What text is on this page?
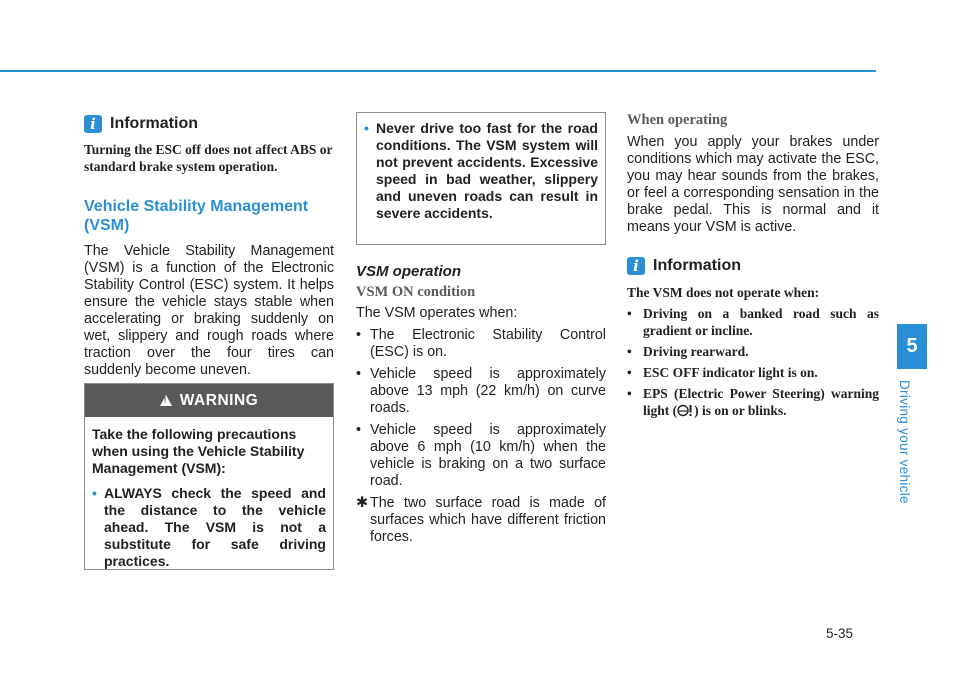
i Information
Turning the ESC off does not affect ABS or standard brake system operation.
Vehicle Stability Management (VSM)
The Vehicle Stability Management (VSM) is a function of the Electronic Stability Control (ESC) system. It helps ensure the vehicle stays stable when accelerating or braking suddenly on wet, slippery and rough roads where traction over the four tires can suddenly become uneven.
!
WARNING
Take the following precautions when using the Vehicle Stability Management (VSM):
• ALWAYS check the speed and the distance to the vehicle ahead. The VSM is not a substitute for safe driving practices.
• Never drive too fast for the road conditions. The VSM system will not prevent accidents. Excessive speed in bad weather, slippery and uneven roads can result in severe accidents.
VSM operation
VSM ON condition
The VSM operates when:
• The Electronic Stability Control (ESC) is on.
• Vehicle speed is approximately above 13 mph (22 km/h) on curve roads.
• Vehicle speed is approximately above 6 mph (10 km/h) when the vehicle is braking on a two surface road.
✱ The two surface road is made of surfaces which have different friction forces.
When operating
When you apply your brakes under conditions which may activate the ESC, you may hear sounds from the brakes, or feel a corresponding sensation in the brake pedal. This is normal and it means your VSM is active.
i Information
The VSM does not operate when:
• Driving on a banked road such as gradient or incline.
• Driving rearward.
• ESC OFF indicator light is on.
• EPS (Electric Power Steering) warning light ( ) is on or blinks.
5
Driving your vehicle
5-35
